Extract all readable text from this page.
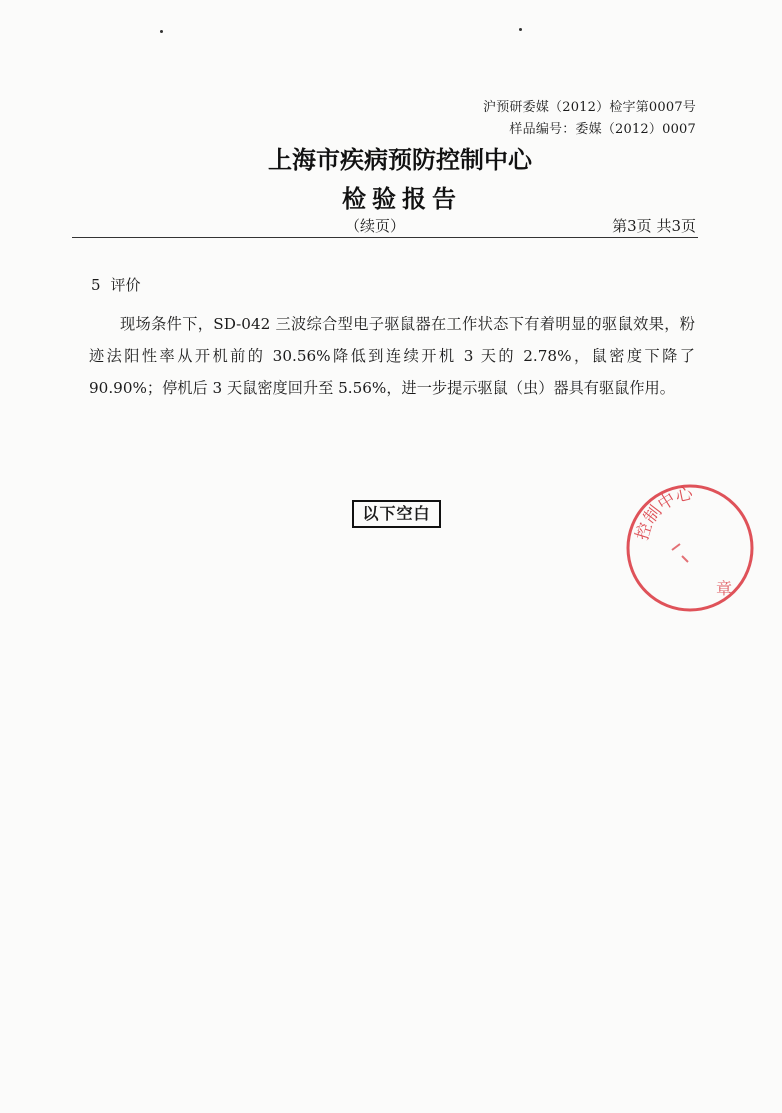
沪预研委媒（2012）检字第0007号
样品编号：委媒（2012）0007
上海市疾病预防控制中心
检验报告
（续页）	第3页 共3页
5 评价

现场条件下，SD-042 三波综合型电子驱鼠器在工作状态下有着明显的驱鼠效果，粉迹法阳性率从开机前的 30.56%降低到连续开机 3 天的 2.78%，鼠密度下降了 90.90%；停机后 3 天鼠密度回升至 5.56%，进一步提示驱鼠（虫）器具有驱鼠作用。

以下空白
控制中心
章
